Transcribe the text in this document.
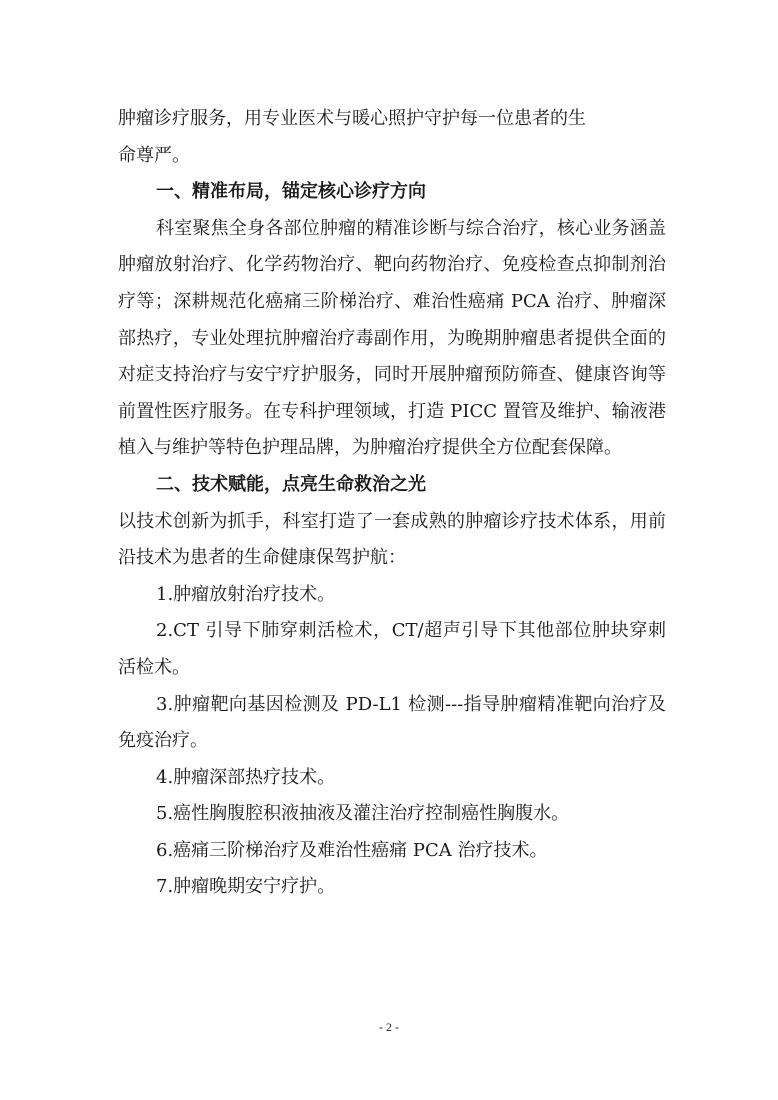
肿瘤诊疗服务，用专业医术与暖心照护守护每一位患者的生

命尊严。

一、精准布局，锚定核心诊疗方向

科室聚焦全身各部位肿瘤的精准诊断与综合治疗，核心业务涵盖肿瘤放射治疗、化学药物治疗、靶向药物治疗、免疫检查点抑制剂治疗等；深耕规范化癌痛三阶梯治疗、难治性癌痛 PCA 治疗、肿瘤深部热疗，专业处理抗肿瘤治疗毒副作用，为晚期肿瘤患者提供全面的对症支持治疗与安宁疗护服务，同时开展肿瘤预防筛查、健康咨询等前置性医疗服务。在专科护理领域，打造 PICC 置管及维护、输液港植入与维护等特色护理品牌，为肿瘤治疗提供全方位配套保障。

二、技术赋能，点亮生命救治之光

以技术创新为抓手，科室打造了一套成熟的肿瘤诊疗技术体系，用前沿技术为患者的生命健康保驾护航：

1.肿瘤放射治疗技术。

2.CT 引导下肺穿刺活检术，CT/超声引导下其他部位肿块穿刺活检术。

3.肿瘤靶向基因检测及 PD-L1 检测---指导肿瘤精准靶向治疗及免疫治疗。

4.肿瘤深部热疗技术。

5.癌性胸腹腔积液抽液及灌注治疗控制癌性胸腹水。

6.癌痛三阶梯治疗及难治性癌痛 PCA 治疗技术。

7.肿瘤晚期安宁疗护。

- 2 -
